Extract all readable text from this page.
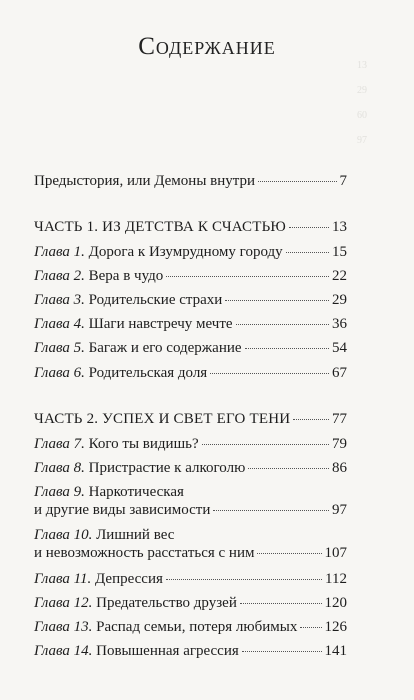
Содержание
13
29
60
97
Предыстория, или Демоны внутри	7
ЧАСТЬ 1. ИЗ ДЕТСТВА К СЧАСТЬЮ	13
Глава 1. Дорога к Изумрудному городу	15
Глава 2. Вера в чудо	22
Глава 3. Родительские страхи	29
Глава 4. Шаги навстречу мечте	36
Глава 5. Багаж и его содержание	54
Глава 6. Родительская доля	67
ЧАСТЬ 2. УСПЕХ И СВЕТ ЕГО ТЕНИ	77
Глава 7. Кого ты видишь?	79
Глава 8. Пристрастие к алкоголю	86
Глава 9. Наркотическая
и другие виды зависимости	97
Глава 10. Лишний вес
и невозможность расстаться с ним	107
Глава 11. Депрессия	112
Глава 12. Предательство друзей	120
Глава 13. Распад семьи, потеря любимых 126
Глава 14. Повышенная агрессия	141
